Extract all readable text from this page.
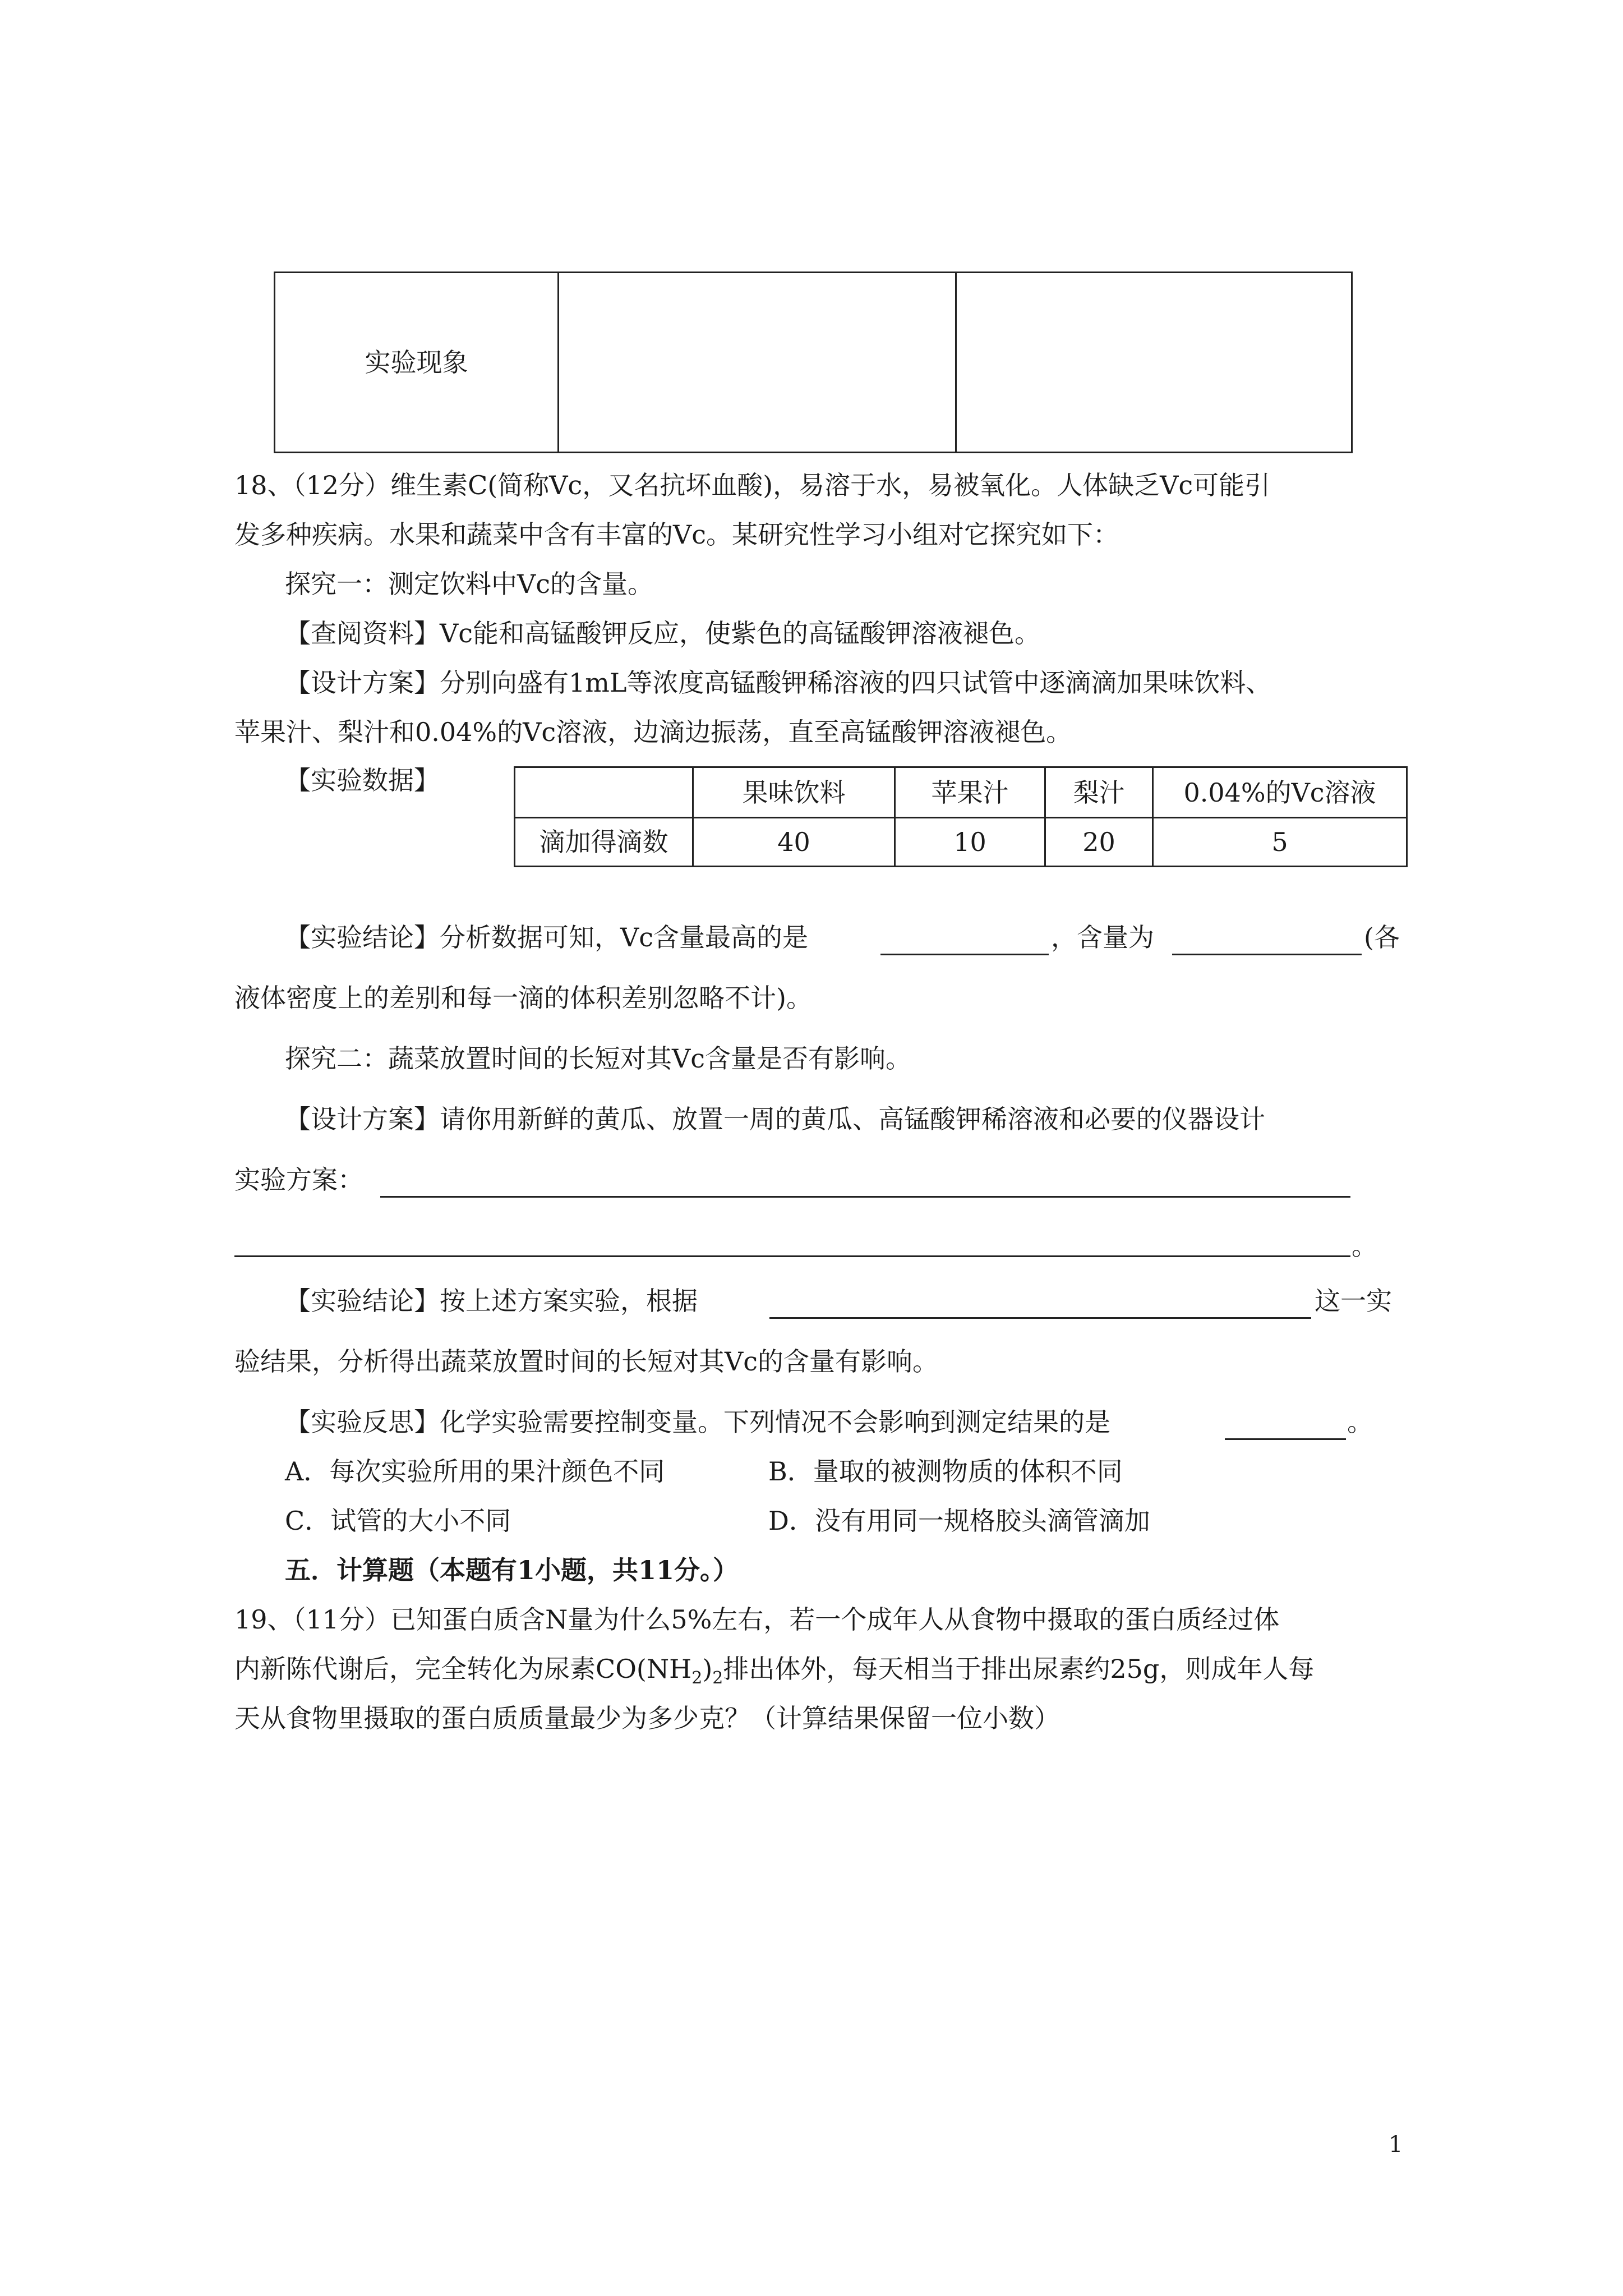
实验现象
18、（12分）维生素C(简称Vc，又名抗坏血酸)，易溶于水，易被氧化。人体缺乏Vc可能引
发多种疾病。水果和蔬菜中含有丰富的Vc。某研究性学习小组对它探究如下：
探究一：测定饮料中Vc的含量。
【查阅资料】Vc能和高锰酸钾反应，使紫色的高锰酸钾溶液褪色。
【设计方案】分别向盛有1mL等浓度高锰酸钾稀溶液的四只试管中逐滴滴加果味饮料、
苹果汁、梨汁和0.04%的Vc溶液，边滴边振荡，直至高锰酸钾溶液褪色。
【实验数据】	果味饮料	苹果汁	梨汁	0.04%的Vc溶液
滴加得滴数	40	10	20	5
【实验结论】分析数据可知，Vc含量最高的是	，含量为	(各
液体密度上的差别和每一滴的体积差别忽略不计)。
探究二：蔬菜放置时间的长短对其Vc含量是否有影响。
【设计方案】请你用新鲜的黄瓜、放置一周的黄瓜、高锰酸钾稀溶液和必要的仪器设计
实验方案：
。
【实验结论】按上述方案实验，根据	这一实
验结果，分析得出蔬菜放置时间的长短对其Vc的含量有影响。
【实验反思】化学实验需要控制变量。下列情况不会影响到测定结果的是	。
A．每次实验所用的果汁颜色不同	B．量取的被测物质的体积不同
C．试管的大小不同	D．没有用同一规格胶头滴管滴加
五．计算题（本题有1小题，共11分。）
19、（11分）已知蛋白质含N量为什么5%左右，若一个成年人从食物中摄取的蛋白质经过体
内新陈代谢后，完全转化为尿素$CO(NH_2)_2$排出体外，每天相当于排出尿素约25g，则成年人每
天从食物里摄取的蛋白质质量最少为多少克？（计算结果保留一位小数）
1
